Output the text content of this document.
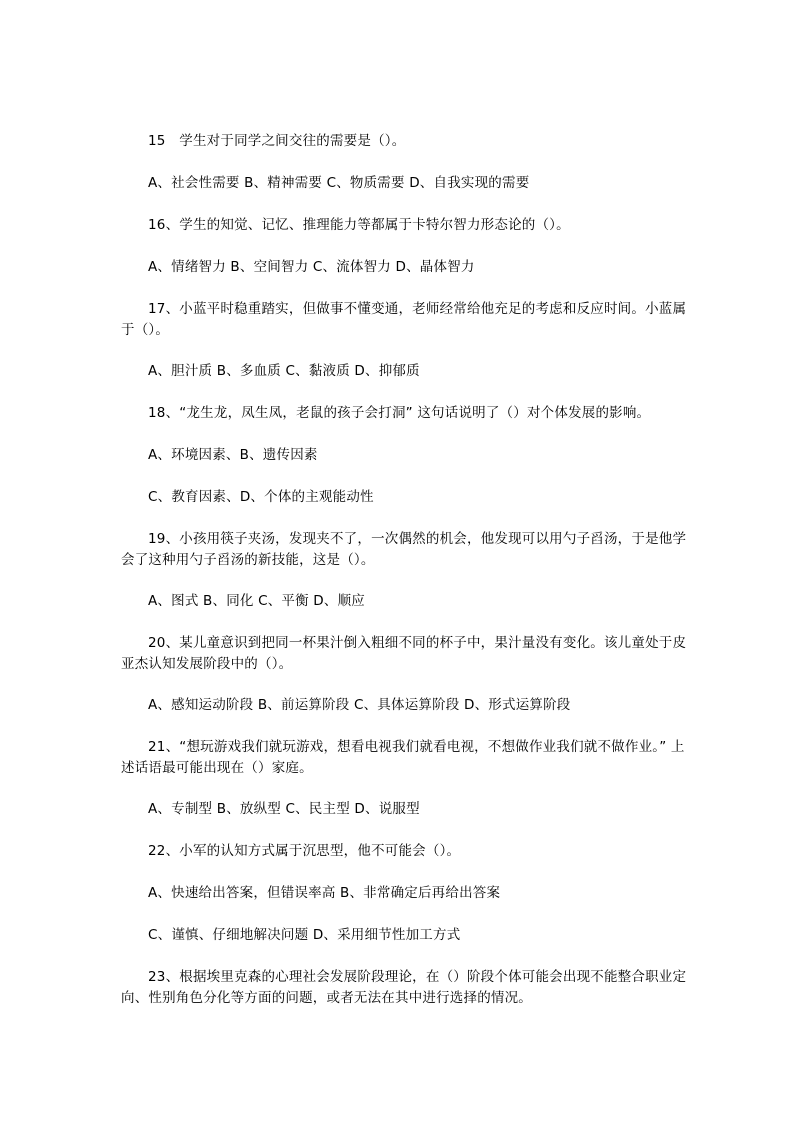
15　学生对于同学之间交往的需要是（）。

A、社会性需要 B、精神需要 C、物质需要 D、自我实现的需要

16、学生的知觉、记忆、推理能力等都属于卡特尔智力形态论的（）。

A、情绪智力 B、空间智力 C、流体智力 D、晶体智力

17、小蓝平时稳重踏实，但做事不懂变通，老师经常给他充足的考虑和反应时间。小蓝属于（）。

A、胆汁质 B、多血质 C、黏液质 D、抑郁质

18、“龙生龙，凤生凤，老鼠的孩子会打洞” 这句话说明了（）对个体发展的影响。

A、环境因素、B、遗传因素

C、教育因素、D、个体的主观能动性

19、小孩用筷子夹汤，发现夹不了，一次偶然的机会，他发现可以用勺子舀汤，于是他学会了这种用勺子舀汤的新技能，这是（）。

A、图式 B、同化 C、平衡 D、顺应

20、某儿童意识到把同一杯果汁倒入粗细不同的杯子中，果汁量没有变化。该儿童处于皮亚杰认知发展阶段中的（）。

A、感知运动阶段 B、前运算阶段 C、具体运算阶段 D、形式运算阶段

21、“想玩游戏我们就玩游戏，想看电视我们就看电视，不想做作业我们就不做作业。” 上述话语最可能出现在（）家庭。

A、专制型 B、放纵型 C、民主型 D、说服型

22、小军的认知方式属于沉思型，他不可能会（）。

A、快速给出答案，但错误率高 B、非常确定后再给出答案

C、谨慎、仔细地解决问题 D、采用细节性加工方式

23、根据埃里克森的心理社会发展阶段理论，在（）阶段个体可能会出现不能整合职业定向、性别角色分化等方面的问题，或者无法在其中进行选择的情况。
